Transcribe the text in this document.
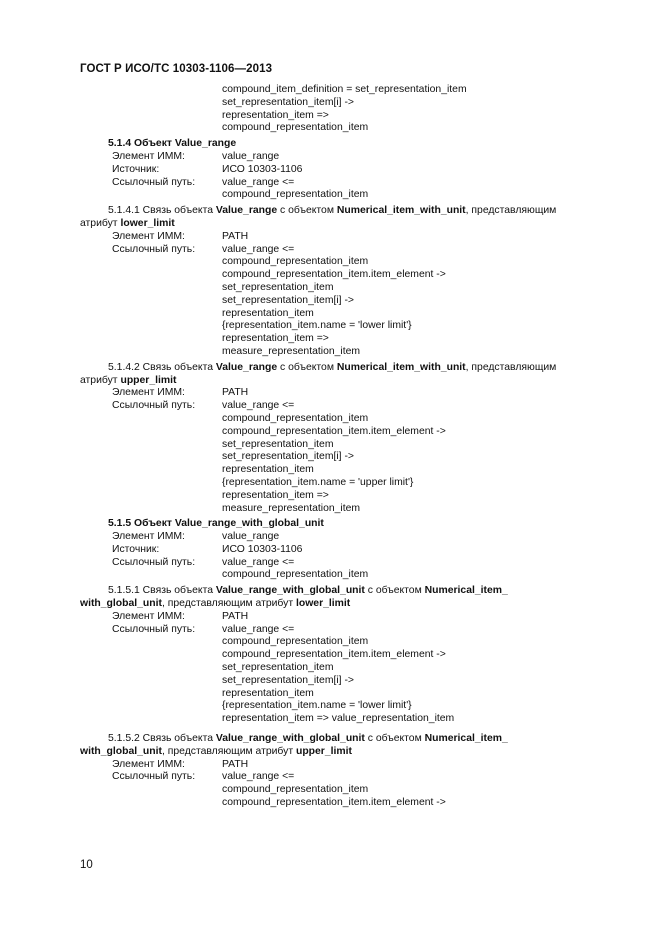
ГОСТ Р ИСО/ТС 10303-1106—2013
compound_item_definition = set_representation_item
set_representation_item[i] ->
representation_item =>
compound_representation_item
5.1.4 Объект Value_range
Элемент ИММ:	value_range
Источник:	ИСО 10303-1106
Ссылочный путь:	value_range <=
compound_representation_item
5.1.4.1 Связь объекта Value_range с объектом Numerical_item_with_unit, представляющим атрибут lower_limit
Элемент ИММ:	PATH
Ссылочный путь:	value_range <=
compound_representation_item
compound_representation_item.item_element ->
set_representation_item
set_representation_item[i] ->
representation_item
{representation_item.name = 'lower limit'}
representation_item =>
measure_representation_item
5.1.4.2 Связь объекта Value_range с объектом Numerical_item_with_unit, представляющим атрибут upper_limit
Элемент ИММ:	PATH
Ссылочный путь:	value_range <=
compound_representation_item
compound_representation_item.item_element ->
set_representation_item
set_representation_item[i] ->
representation_item
{representation_item.name = 'upper limit'}
representation_item =>
measure_representation_item
5.1.5 Объект Value_range_with_global_unit
Элемент ИММ:	value_range
Источник:	ИСО 10303-1106
Ссылочный путь:	value_range <=
compound_representation_item
5.1.5.1 Связь объекта Value_range_with_global_unit с объектом Numerical_item_
with_global_unit, представляющим атрибут lower_limit
Элемент ИММ:	PATH
Ссылочный путь:	value_range <=
compound_representation_item
compound_representation_item.item_element ->
set_representation_item
set_representation_item[i] ->
representation_item
{representation_item.name = 'lower limit'}
representation_item => value_representation_item
5.1.5.2 Связь объекта Value_range_with_global_unit с объектом Numerical_item_
with_global_unit, представляющим атрибут upper_limit
Элемент ИММ:	PATH
Ссылочный путь:	value_range <=
compound_representation_item
compound_representation_item.item_element ->
10
